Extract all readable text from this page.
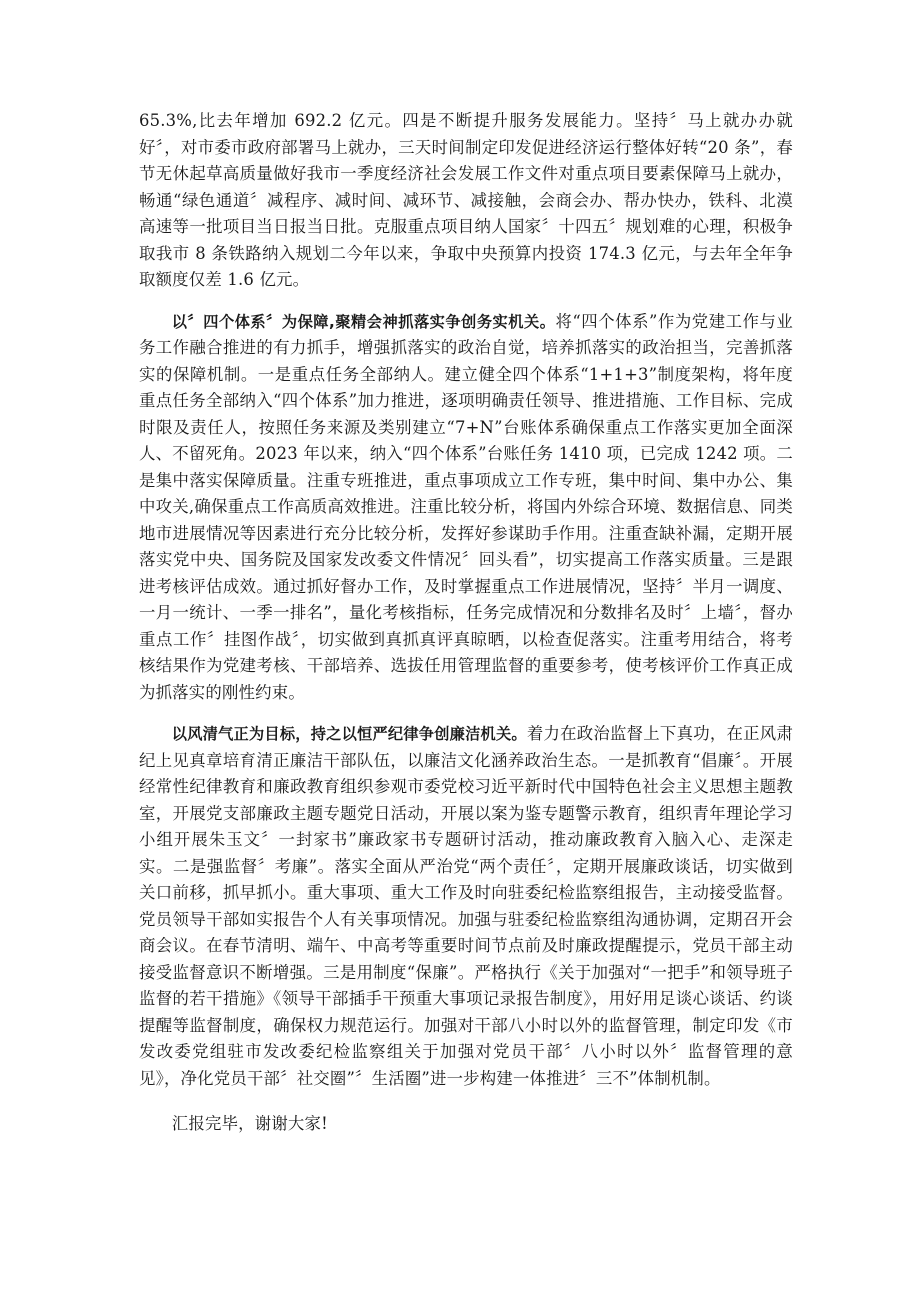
65.3%,比去年增加 692.2 亿元。四是不断提升服务发展能力。坚持〞马上就办办就好〞，对市委市政府部署马上就办，三天时间制定印发促进经济运行整体好转“20 条”，春节无休起草高质量做好我市一季度经济社会发展工作文件对重点项目要素保障马上就办，畅通“绿色通道〞减程序、减时间、减环节、减接触，会商会办、帮办快办，铁科、北漠高速等一批项目当日报当日批。克服重点项目纳人国家〞十四五〞规划难的心理，积极争取我市 8 条铁路纳入规划二今年以来，争取中央预算内投资 174.3 亿元，与去年全年争取额度仅差 1.6 亿元。

以〞四个体系〞为保障,聚精会神抓落实争创务实机关。将“四个体系”作为党建工作与业务工作融合推进的有力抓手，增强抓落实的政治自觉，培养抓落实的政治担当，完善抓落实的保障机制。一是重点任务全部纳人。建立健全四个体系“1+1+3”制度架构，将年度重点任务全部纳入“四个体系”加力推进，逐项明确责任领导、推进措施、工作目标、完成时限及责任人，按照任务来源及类别建立“7+N”台账体系确保重点工作落实更加全面深人、不留死角。2023 年以来，纳入“四个体系”台账任务 1410 项，已完成 1242 项。二是集中落实保障质量。注重专班推进，重点事项成立工作专班，集中时间、集中办公、集中攻关,确保重点工作高质高效推进。注重比较分析，将国内外综合环境、数据信息、同类地市进展情况等因素进行充分比较分析，发挥好参谋助手作用。注重查缺补漏，定期开展落实党中央、国务院及国家发改委文件情况〞回头看”，切实提高工作落实质量。三是跟进考核评估成效。通过抓好督办工作，及时掌握重点工作进展情况，坚持〞半月一调度、一月一统计、一季一排名”，量化考核指标，任务完成情况和分数排名及时〞上墙〞，督办重点工作〞挂图作战〞，切实做到真抓真评真晾晒，以检查促落实。注重考用结合，将考核结果作为党建考核、干部培养、选拔任用管理监督的重要参考，使考核评价工作真正成为抓落实的刚性约束。

以风清气正为目标，持之以恒严纪律争创廉洁机关。着力在政治监督上下真功，在正风肃纪上见真章培育清正廉洁干部队伍，以廉洁文化涵养政治生态。一是抓教育“倡廉〞。开展经常性纪律教育和廉政教育组织参观市委党校习近平新时代中国特色社会主义思想主题教室，开展党支部廉政主题专题党日活动，开展以案为鉴专题警示教育，组织青年理论学习小组开展朱玉文〞一封家书”廉政家书专题研讨活动，推动廉政教育入脑入心、走深走实。二是强监督〞考廉”。落实全面从严治党“两个责任〞，定期开展廉政谈话，切实做到关口前移，抓早抓小。重大事项、重大工作及时向驻委纪检监察组报告，主动接受监督。党员领导干部如实报告个人有关事项情况。加强与驻委纪检监察组沟通协调，定期召开会商会议。在春节清明、端午、中高考等重要时间节点前及时廉政提醒提示，党员干部主动接受监督意识不断增强。三是用制度“保廉”。严格执行《关于加强对“一把手”和领导班子监督的若干措施》《领导干部插手干预重大事项记录报告制度》，用好用足谈心谈话、约谈提醒等监督制度，确保权力规范运行。加强对干部八小时以外的监督管理，制定印发《市发改委党组驻市发改委纪检监察组关于加强对党员干部〞八小时以外〞监督管理的意见》，净化党员干部〞社交圈”〞生活圈”进一步构建一体推进〞三不”体制机制。

汇报完毕，谢谢大家!
